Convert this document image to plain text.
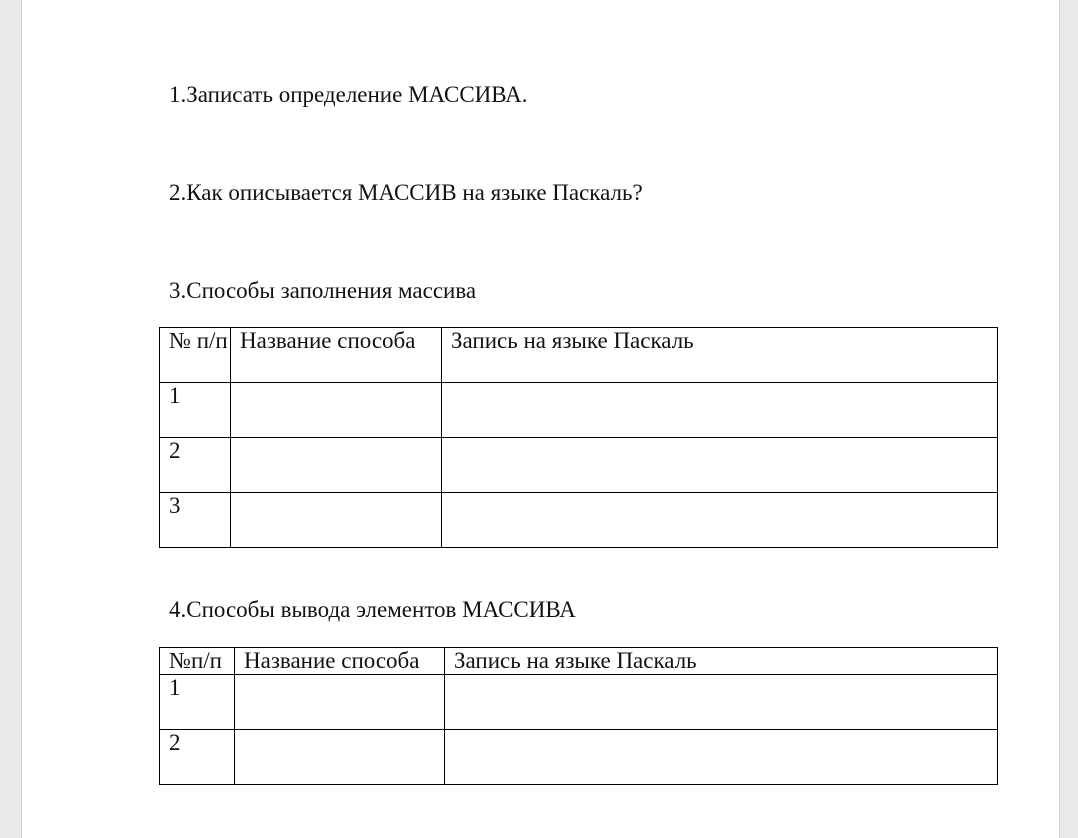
1.Записать определение МАССИВА.

2.Как описывается МАССИВ на языке Паскаль?

3.Способы заполнения массива

№ п/п	Название способа	Запись на языке Паскаль
1		
2		
3		

4.Способы вывода элементов МАССИВА

№п/п	Название способа	Запись на языке Паскаль
1		
2		
